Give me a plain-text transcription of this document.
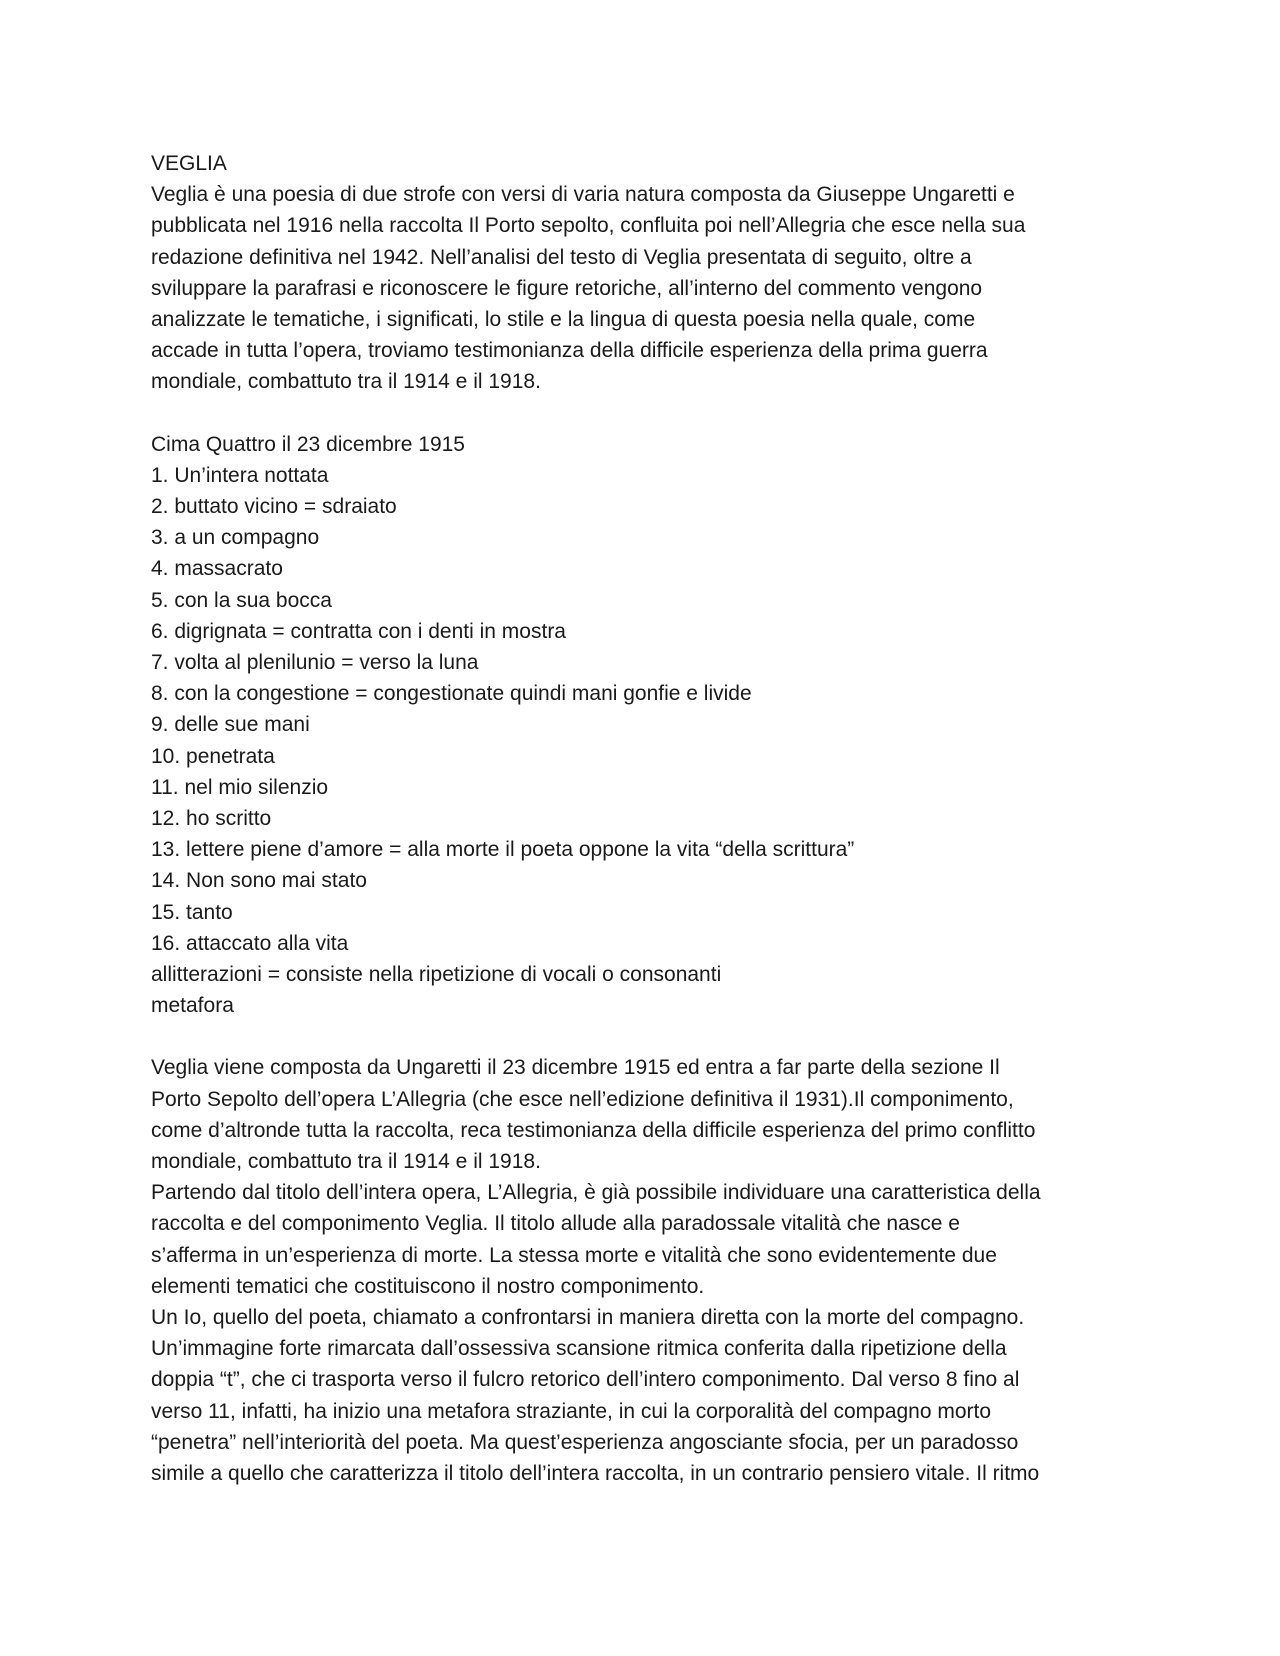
VEGLIA
Veglia è una poesia di due strofe con versi di varia natura composta da Giuseppe Ungaretti e
pubblicata nel 1916 nella raccolta Il Porto sepolto, confluita poi nell’Allegria che esce nella sua
redazione definitiva nel 1942. Nell’analisi del testo di Veglia presentata di seguito, oltre a
sviluppare la parafrasi e riconoscere le figure retoriche, all’interno del commento vengono
analizzate le tematiche, i significati, lo stile e la lingua di questa poesia nella quale, come
accade in tutta l’opera, troviamo testimonianza della difficile esperienza della prima guerra
mondiale, combattuto tra il 1914 e il 1918.
Cima Quattro il 23 dicembre 1915
1. Un’intera nottata
2. buttato vicino = sdraiato
3. a un compagno
4. massacrato
5. con la sua bocca
6. digrignata = contratta con i denti in mostra
7. volta al plenilunio = verso la luna
8. con la congestione = congestionate quindi mani gonfie e livide
9. delle sue mani
10. penetrata
11. nel mio silenzio
12. ho scritto
13. lettere piene d’amore = alla morte il poeta oppone la vita “della scrittura”
14. Non sono mai stato
15. tanto
16. attaccato alla vita
allitterazioni = consiste nella ripetizione di vocali o consonanti
metafora
Veglia viene composta da Ungaretti il 23 dicembre 1915 ed entra a far parte della sezione Il
Porto Sepolto dell’opera L’Allegria (che esce nell’edizione definitiva il 1931).Il componimento,
come d’altronde tutta la raccolta, reca testimonianza della difficile esperienza del primo conflitto
mondiale, combattuto tra il 1914 e il 1918.
Partendo dal titolo dell’intera opera, L’Allegria, è già possibile individuare una caratteristica della
raccolta e del componimento Veglia. Il titolo allude alla paradossale vitalità che nasce e
s’afferma in un’esperienza di morte. La stessa morte e vitalità che sono evidentemente due
elementi tematici che costituiscono il nostro componimento.
Un Io, quello del poeta, chiamato a confrontarsi in maniera diretta con la morte del compagno.
Un’immagine forte rimarcata dall’ossessiva scansione ritmica conferita dalla ripetizione della
doppia “t”, che ci trasporta verso il fulcro retorico dell’intero componimento. Dal verso 8 fino al
verso 11, infatti, ha inizio una metafora straziante, in cui la corporalità del compagno morto
“penetra” nell’interiorità del poeta. Ma quest’esperienza angosciante sfocia, per un paradosso
simile a quello che caratterizza il titolo dell’intera raccolta, in un contrario pensiero vitale. Il ritmo
